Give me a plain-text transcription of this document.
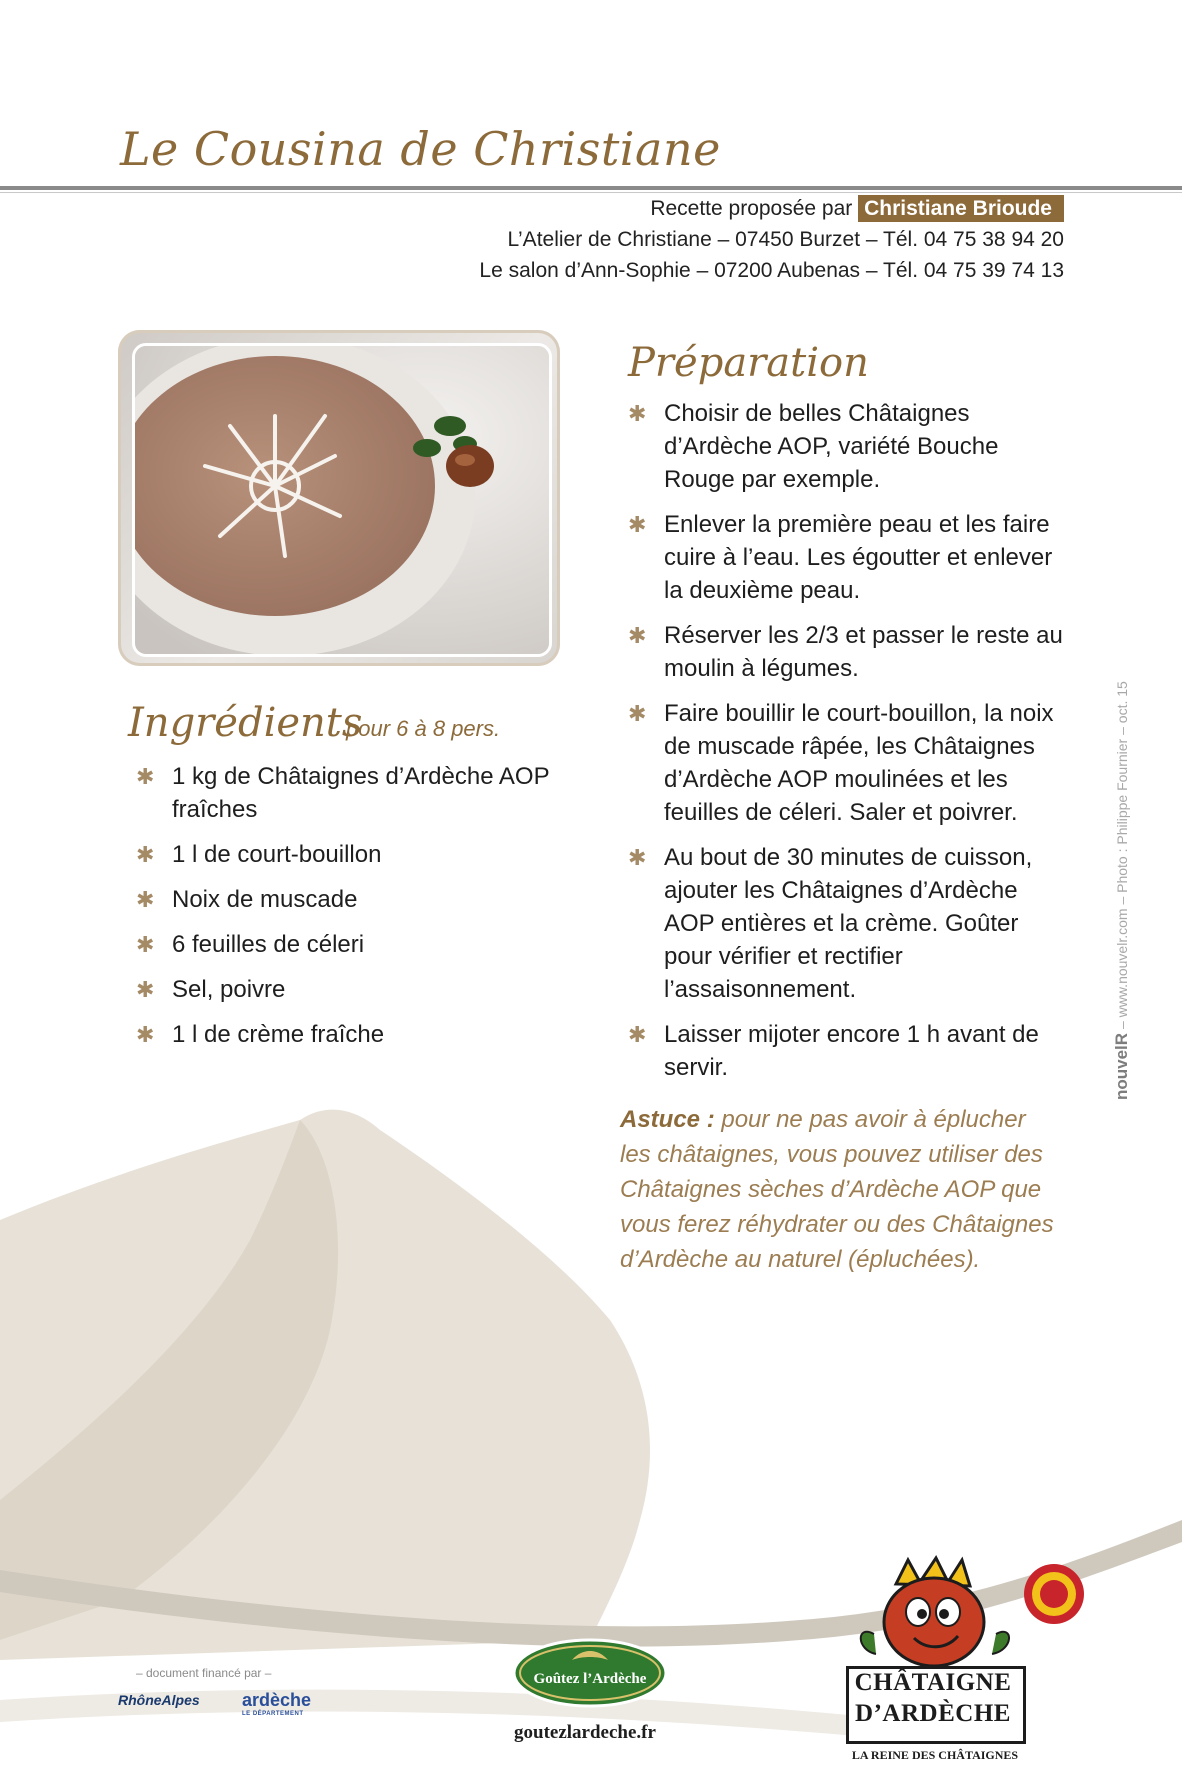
Le Cousina de Christiane
Recette proposée par Christiane Brioude
L’Atelier de Christiane – 07450 Burzet – Tél. 04 75 38 94 20
Le salon d’Ann-Sophie – 07200 Aubenas – Tél. 04 75 39 74 13
Ingrédients
pour 6 à 8 pers.
✱ 1 kg de Châtaignes d’Ardèche AOP fraîches
✱ 1 l de court-bouillon
✱ Noix de muscade
✱ 6 feuilles de céleri
✱ Sel, poivre
✱ 1 l de crème fraîche
Préparation
✱ Choisir de belles Châtaignes d’Ardèche AOP, variété Bouche Rouge par exemple.
✱ Enlever la première peau et les faire cuire à l’eau. Les égoutter et enlever la deuxième peau.
✱ Réserver les 2/3 et passer le reste au moulin à légumes.
✱ Faire bouillir le court-bouillon, la noix de muscade râpée, les Châtaignes d’Ardèche AOP moulinées et les feuilles de céleri. Saler et poivrer.
✱ Au bout de 30 minutes de cuisson, ajouter les Châtaignes d’Ardèche AOP entières et la crème. Goûter pour vérifier et rectifier l’assaisonnement.
✱ Laisser mijoter encore 1 h avant de servir.
Astuce : pour ne pas avoir à éplucher les châtaignes, vous pouvez utiliser des Châtaignes sèches d’Ardèche AOP que vous ferez réhydrater ou des Châtaignes d’Ardèche au naturel (épluchées).
nouvelR – www.nouvelr.com – Photo : Philippe Fournier – oct. 15
– document financé par –
RhôneAlpes ardèche
LE DÉPARTEMENT
Goûtez l’Ardèche
goutezlardeche.fr
CHÂTAIGNE
D’ARDÈCHE
LA REINE DES CHÂTAIGNES
